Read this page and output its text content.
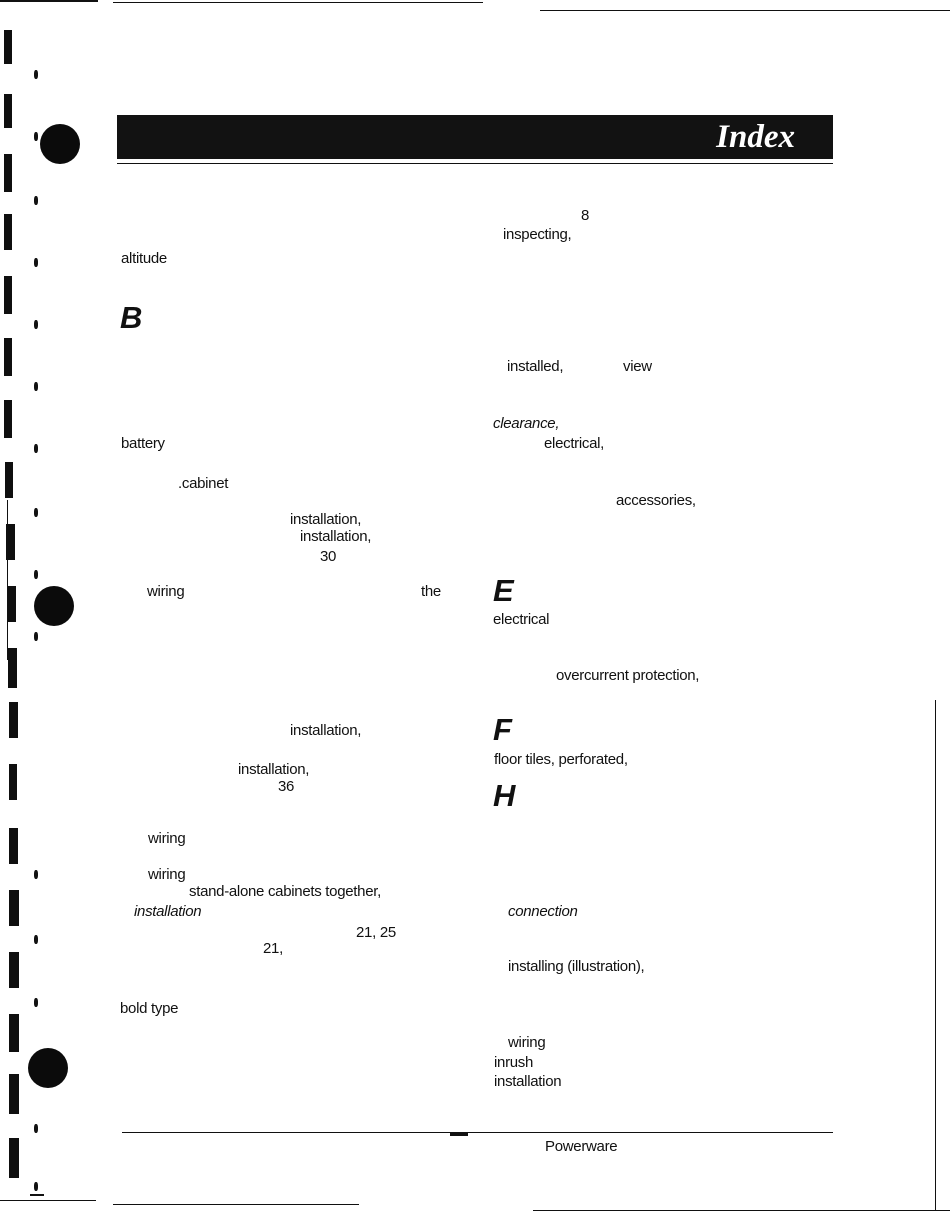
Index
altitude
B
battery
.cabinet
installation,
installation,
30
wiring	the
installation,
installation,
36
wiring
wiring
stand-alone cabinets together,
installation
21, 25
21,
bold type
8
inspecting,
installed,	view
clearance,
electrical,
accessories,
E
electrical
overcurrent protection,
F
floor tiles, perforated,
H
connection
installing (illustration),
wiring
inrush
installation
Powerware
